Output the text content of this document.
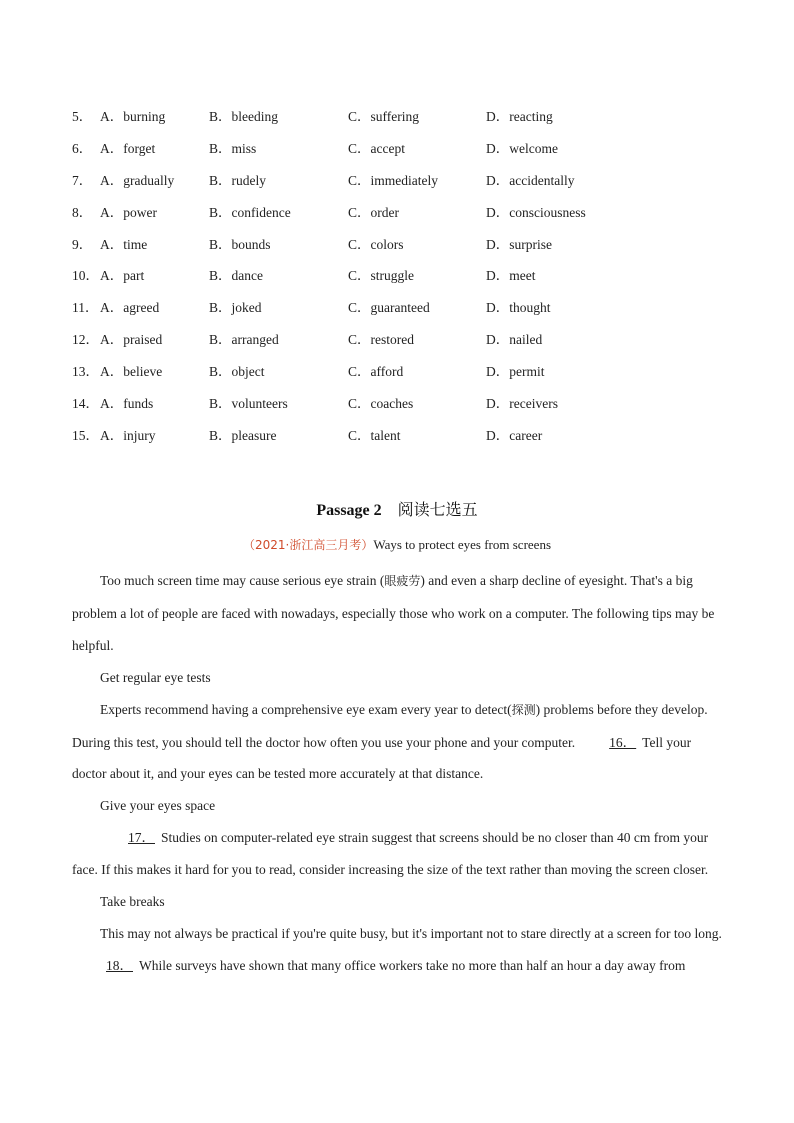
5． A．burning	B．bleeding	C．suffering	D．reacting
6． A．forget	B．miss	C．accept	D．welcome
7． A．gradually	B．rudely	C．immediately	D．accidentally
8． A．power	B．confidence	C．order	D．consciousness
9． A．time	B．bounds	C．colors	D．surprise
10． A．part	B．dance	C．struggle	D．meet
11． A．agreed	B．joked	C．guaranteed	D．thought
12． A．praised	B．arranged	C．restored	D．nailed
13． A．believe	B．object	C．afford	D．permit
14． A．funds	B．volunteers	C．coaches	D．receivers
15． A．injury	B．pleasure	C．talent	D．career
Passage 2 阅读七选五
（2021·浙江高三月考）Ways to protect eyes from screens

Too much screen time may cause serious eye strain (眼疲劳) and even a sharp decline of eyesight. That's a big problem a lot of people are faced with nowadays, especially those who work on a computer. The following tips may be helpful.

Get regular eye tests

Experts recommend having a comprehensive eye exam every year to detect(探测) problems before they develop. During this test, you should tell the doctor how often you use your phone and your computer.	16． Tell your doctor about it, and your eyes can be tested more accurately at that distance.

Give your eyes space

17． Studies on computer-related eye strain suggest that screens should be no closer than 40 cm from your face. If this makes it hard for you to read, consider increasing the size of the text rather than moving the screen closer.

Take breaks

This may not always be practical if you're quite busy, but it's important not to stare directly at a screen for too long.18． While surveys have shown that many office workers take no more than half an hour a day away from
